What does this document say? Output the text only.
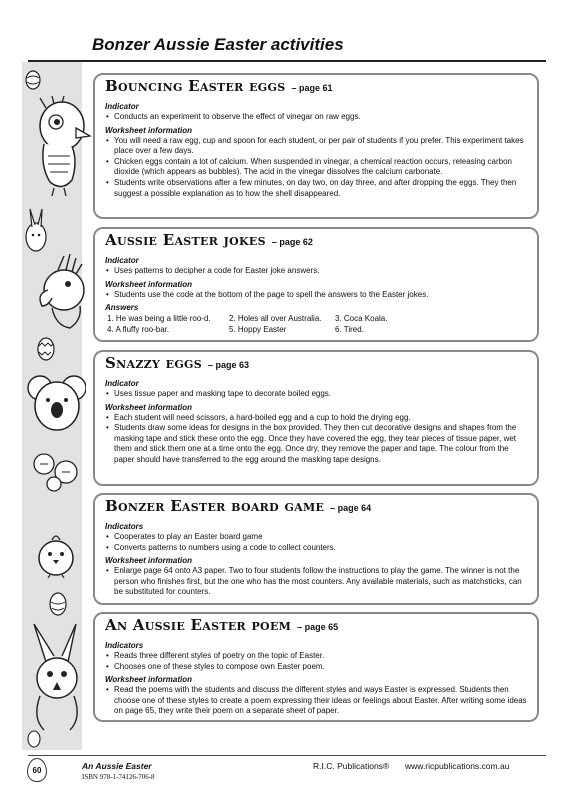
Bonzer Aussie Easter activities
Bouncing Easter eggs – page 61
Indicator
• Conducts an experiment to observe the effect of vinegar on raw eggs.
Worksheet information
• You will need a raw egg, cup and spoon for each student, or per pair of students if you prefer. This experiment takes place over a few days.
• Chicken eggs contain a lot of calcium. When suspended in vinegar, a chemical reaction occurs, releasing carbon dioxide (which appears as bubbles). The acid in the vinegar dissolves the calcium carbonate.
• Students write observations after a few minutes, on day two, on day three, and after dropping the eggs. They then suggest a possible explanation as to how the shell disappeared.
Aussie Easter jokes – page 62
Indicator
• Uses patterns to decipher a code for Easter joke answers.
Worksheet information
• Students use the code at the bottom of the page to spell the answers to the Easter jokes.
Answers
1. He was being a little roo-d.	2. Holes all over Australia.	3. Coca Koala.
4. A fluffy roo-bar.	5. Hoppy Easter	6. Tired.
Snazzy eggs – page 63
Indicator
• Uses tissue paper and masking tape to decorate boiled eggs.
Worksheet information
• Each student will need scissors, a hard-boiled egg and a cup to hold the drying egg.
• Students draw some ideas for designs in the box provided. They then cut decorative designs and shapes from the masking tape and stick these onto the egg. Once they have covered the egg, they tear pieces of tissue paper, wet them and stick them one at a time onto the egg. Once dry, they remove the paper and tape. The colour from the paper should have transferred to the egg around the masking tape designs.
Bonzer Easter board game – page 64
Indicators
• Cooperates to play an Easter board game
• Converts patterns to numbers using a code to collect counters.
Worksheet information
• Enlarge page 64 onto A3 paper. Two to four students follow the instructions to play the game. The winner is not the person who finishes first, but the one who has the most counters. Any available materials, such as matchsticks, can be substituted for counters.
An Aussie Easter poem – page 65
Indicators
• Reads three different styles of poetry on the topic of Easter.
• Chooses one of these styles to compose own Easter poem.
Worksheet information
• Read the poems with the students and discuss the different styles and ways Easter is expressed. Students then choose one of these styles to create a poem expressing their ideas or feelings about Easter. After writing some ideas on page 65, they write their poem on a separate sheet of paper.
60	An Aussie Easter
ISBN 978-1-74126-706-8
R.I.C. Publications® www.ricpublications.com.au
